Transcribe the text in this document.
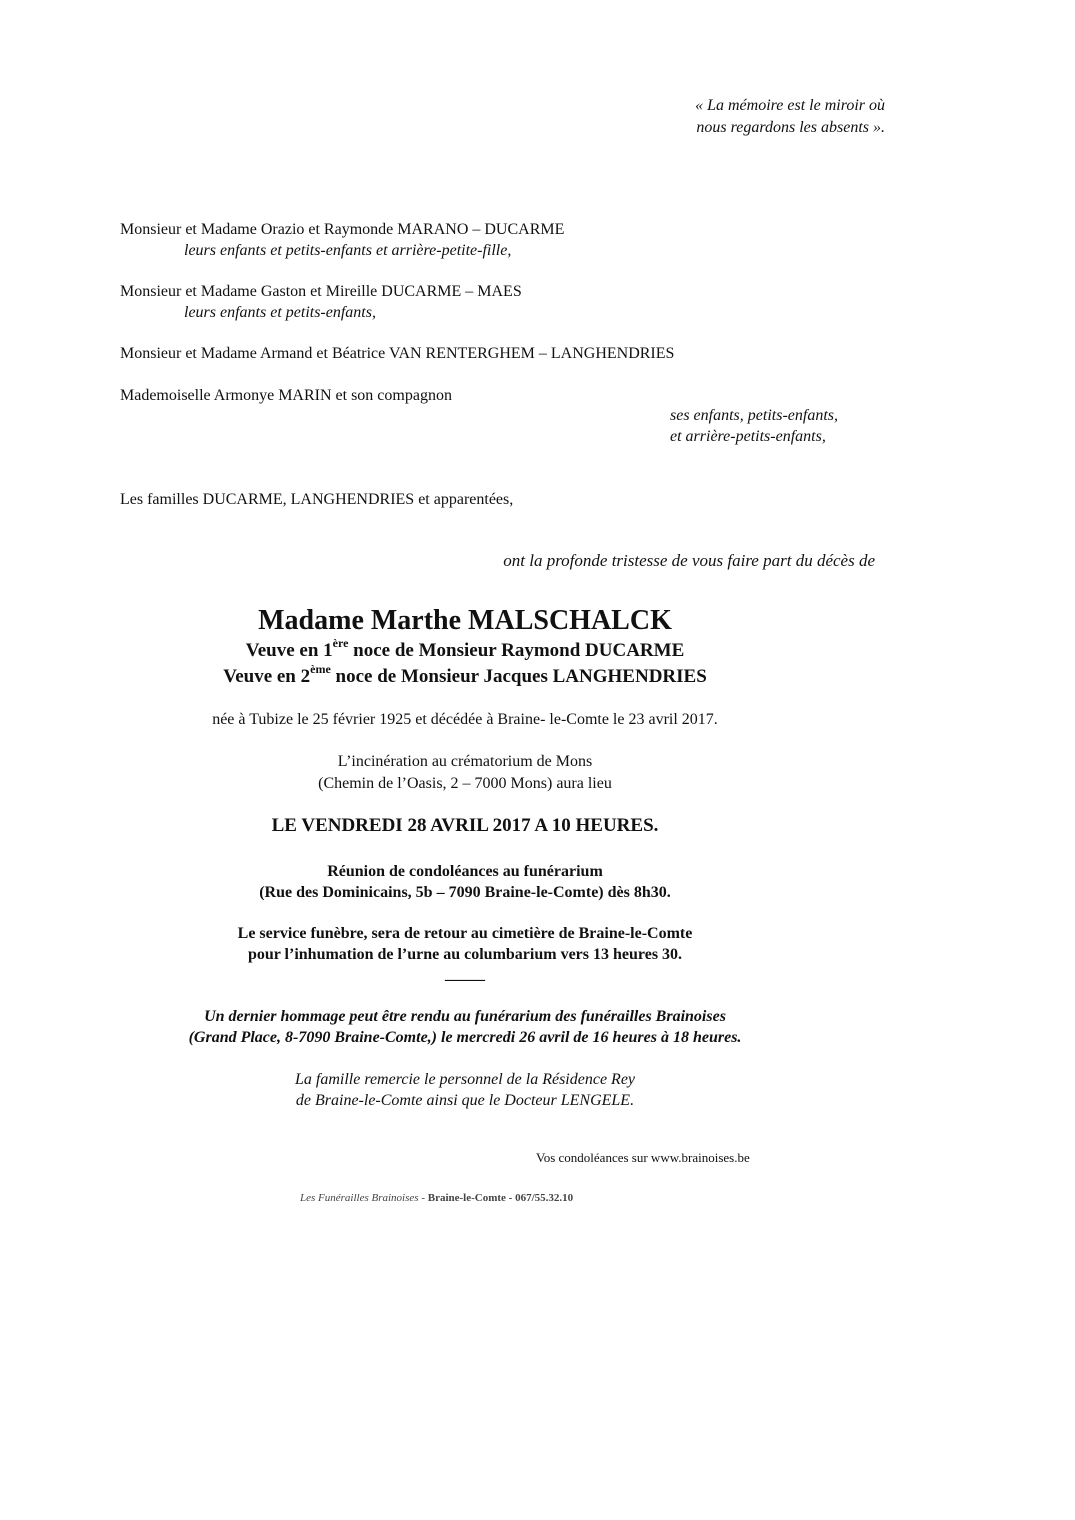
« La mémoire est le miroir où
nous regardons les absents ».
Monsieur et Madame Orazio et Raymonde MARANO – DUCARME
leurs enfants et petits-enfants et arrière-petite-fille,
Monsieur et Madame Gaston et Mireille DUCARME – MAES
leurs enfants et petits-enfants,
Monsieur et Madame Armand et Béatrice VAN RENTERGHEM – LANGHENDRIES
Mademoiselle Armonye MARIN et son compagnon
ses enfants, petits-enfants,
et arrière-petits-enfants,
Les familles DUCARME, LANGHENDRIES et apparentées,
ont la profonde tristesse de vous faire part du décès de
Madame Marthe MALSCHALCK
Veuve en 1ère noce de Monsieur Raymond DUCARME
Veuve en 2ème noce de Monsieur Jacques LANGHENDRIES
née à Tubize le 25 février 1925 et décédée à Braine- le-Comte le 23 avril 2017.
L’incinération au crématorium de Mons
(Chemin de l’Oasis, 2 – 7000 Mons) aura lieu
LE VENDREDI 28 AVRIL 2017 A 10 HEURES.
Réunion de condoléances au funérarium
(Rue des Dominicains, 5b – 7090 Braine-le-Comte) dès 8h30.
Le service funèbre, sera de retour au cimetière de Braine-le-Comte
pour l’inhumation de l’urne au columbarium vers 13 heures 30.
_____
Un dernier hommage peut être rendu au funérarium des funérailles Brainoises
(Grand Place, 8-7090 Braine-Comte,) le mercredi 26 avril de 16 heures à 18 heures.
La famille remercie le personnel de la Résidence Rey
de Braine-le-Comte ainsi que le Docteur LENGELE.
Vos condoléances sur www.brainoises.be
Les Funérailles Brainoises - Braine-le-Comte - 067/55.32.10
